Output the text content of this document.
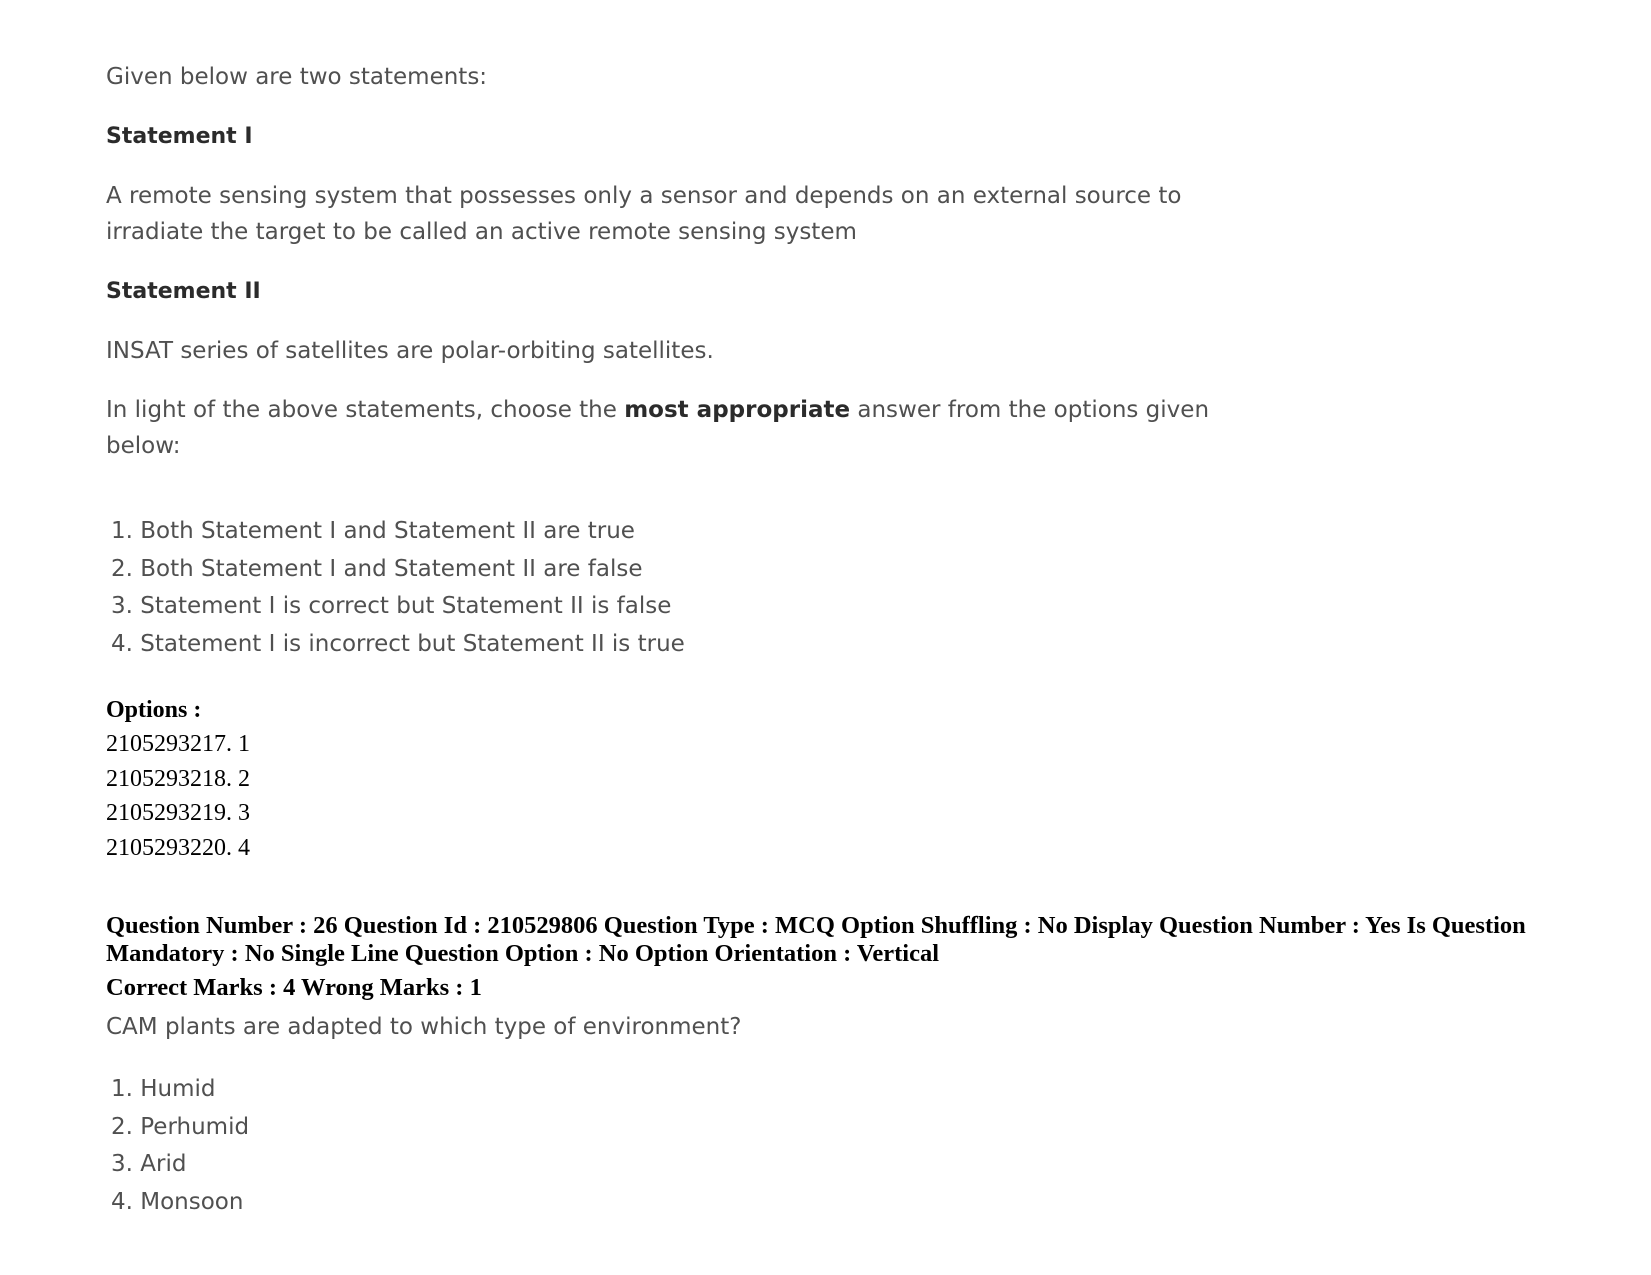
Given below are two statements:
Statement I
A remote sensing system that possesses only a sensor and depends on an external source to
irradiate the target to be called an active remote sensing system
Statement II
INSAT series of satellites are polar-orbiting satellites.
In light of the above statements, choose the most appropriate answer from the options given
below:
1. Both Statement I and Statement II are true
2. Both Statement I and Statement II are false
3. Statement I is correct but Statement II is false
4. Statement I is incorrect but Statement II is true
Options :
2105293217. 1
2105293218. 2
2105293219. 3
2105293220. 4
Question Number : 26 Question Id : 210529806 Question Type : MCQ Option Shuffling : No Display Question Number : Yes Is Question
Mandatory : No Single Line Question Option : No Option Orientation : Vertical
Correct Marks : 4 Wrong Marks : 1
CAM plants are adapted to which type of environment?
1. Humid
2. Perhumid
3. Arid
4. Monsoon
